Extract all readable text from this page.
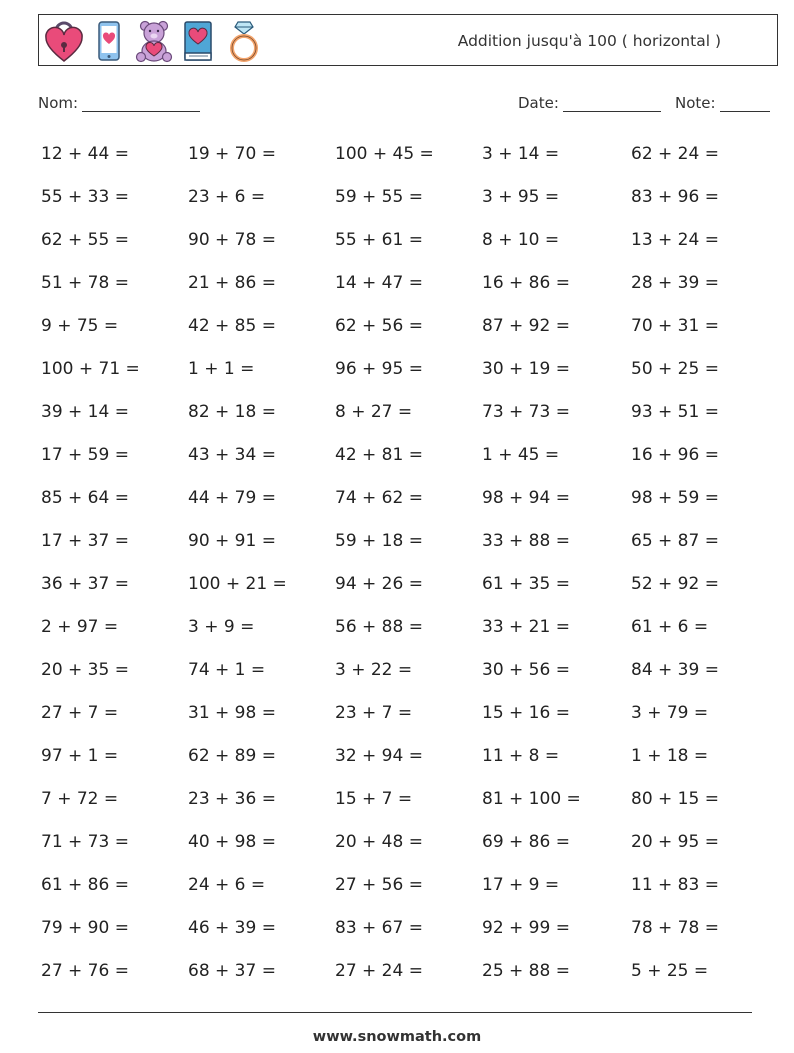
Addition jusqu'à 100 ( horizontal )
Nom:	Date:	Note:
12 + 44 =	19 + 70 =	100 + 45 =	3 + 14 =	62 + 24 =
55 + 33 =	23 + 6 =	59 + 55 =	3 + 95 =	83 + 96 =
62 + 55 =	90 + 78 =	55 + 61 =	8 + 10 =	13 + 24 =
51 + 78 =	21 + 86 =	14 + 47 =	16 + 86 =	28 + 39 =
9 + 75 =	42 + 85 =	62 + 56 =	87 + 92 =	70 + 31 =
100 + 71 =	1 + 1 =	96 + 95 =	30 + 19 =	50 + 25 =
39 + 14 =	82 + 18 =	8 + 27 =	73 + 73 =	93 + 51 =
17 + 59 =	43 + 34 =	42 + 81 =	1 + 45 =	16 + 96 =
85 + 64 =	44 + 79 =	74 + 62 =	98 + 94 =	98 + 59 =
17 + 37 =	90 + 91 =	59 + 18 =	33 + 88 =	65 + 87 =
36 + 37 =	100 + 21 =	94 + 26 =	61 + 35 =	52 + 92 =
2 + 97 =	3 + 9 =	56 + 88 =	33 + 21 =	61 + 6 =
20 + 35 =	74 + 1 =	3 + 22 =	30 + 56 =	84 + 39 =
27 + 7 =	31 + 98 =	23 + 7 =	15 + 16 =	3 + 79 =
97 + 1 =	62 + 89 =	32 + 94 =	11 + 8 =	1 + 18 =
7 + 72 =	23 + 36 =	15 + 7 =	81 + 100 =	80 + 15 =
71 + 73 =	40 + 98 =	20 + 48 =	69 + 86 =	20 + 95 =
61 + 86 =	24 + 6 =	27 + 56 =	17 + 9 =	11 + 83 =
79 + 90 =	46 + 39 =	83 + 67 =	92 + 99 =	78 + 78 =
27 + 76 =	68 + 37 =	27 + 24 =	25 + 88 =	5 + 25 =
www.snowmath.com
